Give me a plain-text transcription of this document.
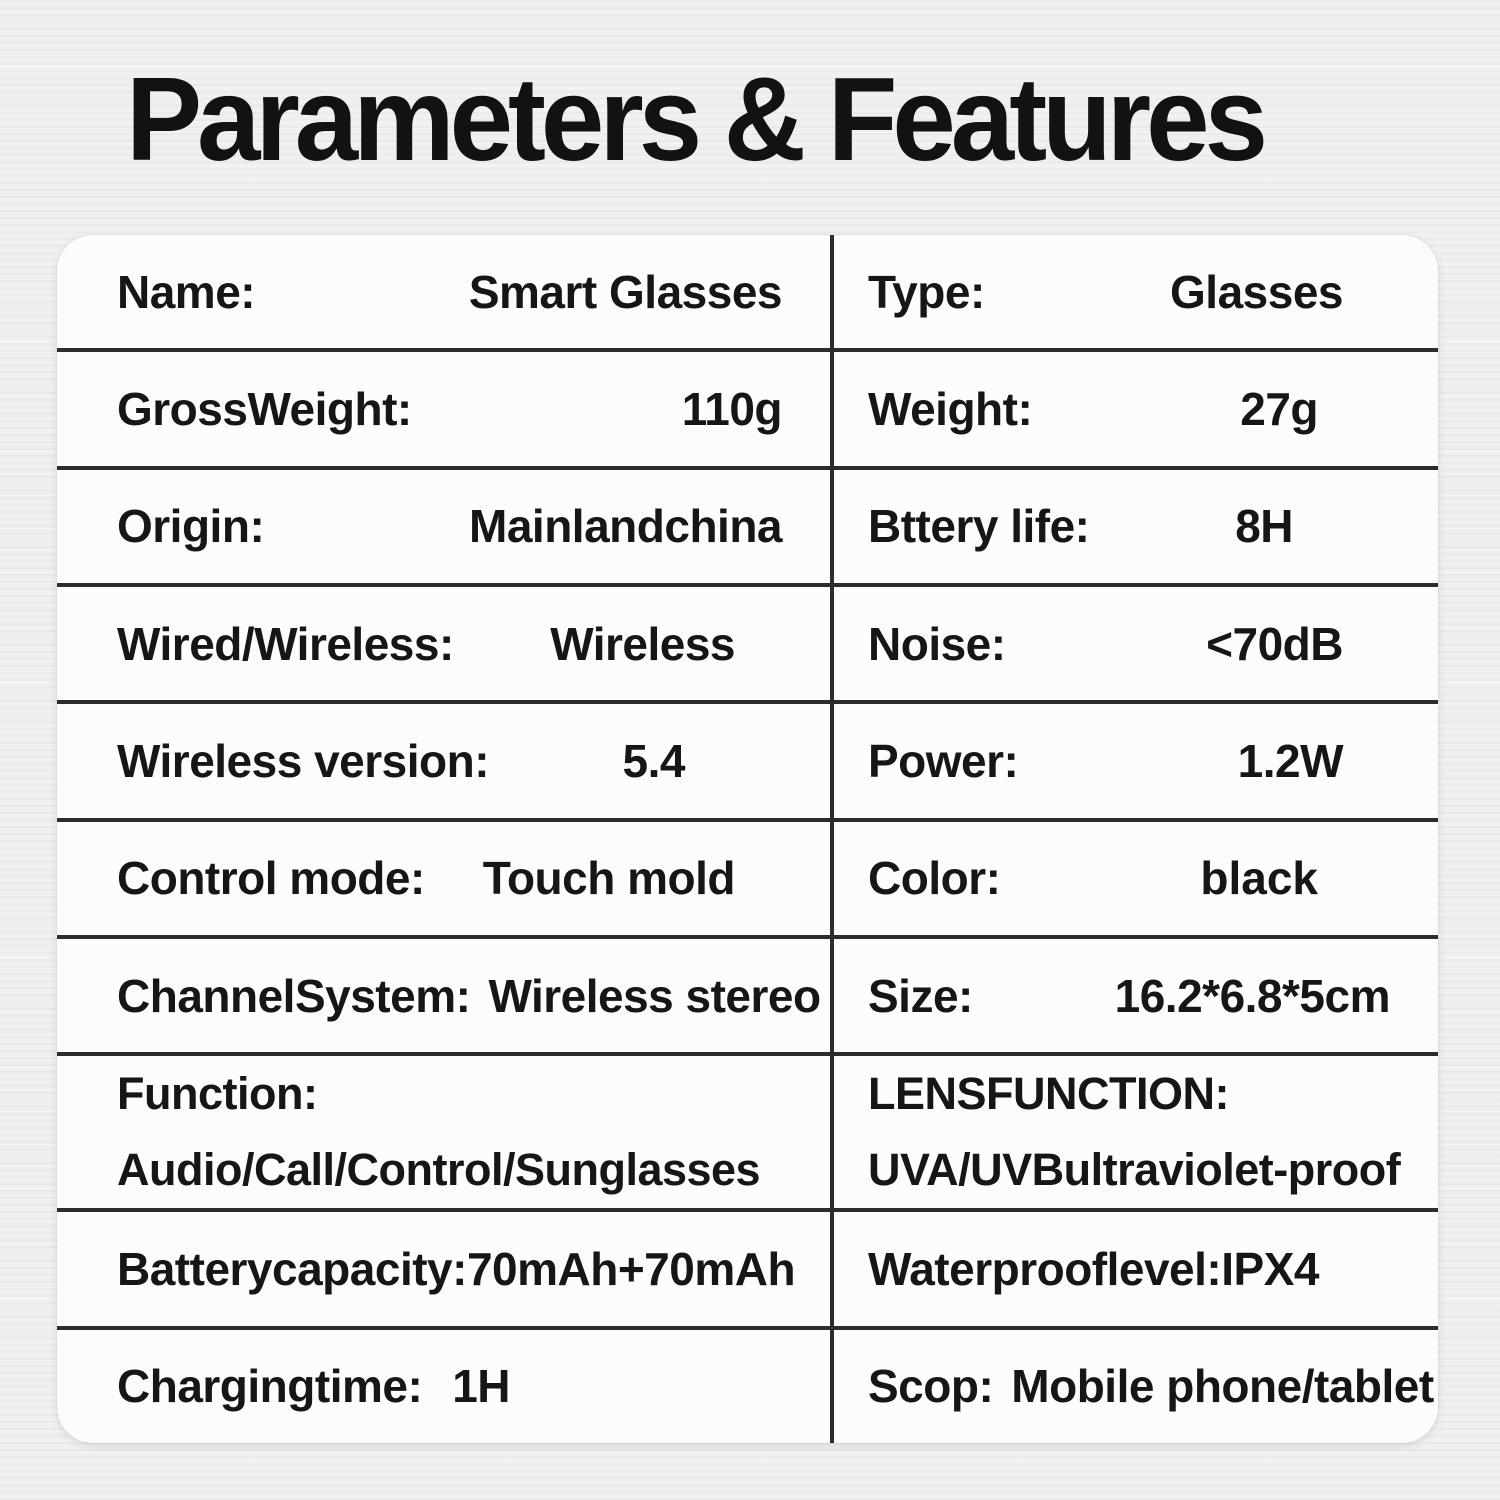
Parameters & Features
Name:	Smart Glasses Type:	Glasses
GrossWeight:	110g Weight:	27g
Origin:	Mainlandchina Bttery life:	8H
Wired/Wireless: Wireless	Noise:	<70dB
Wireless version:	5.4	Power:	1.2W
Control mode: Touch mold	Color:	black
ChannelSystem: Wireless stereo Size:	16.2*6.8*5cm
Function:
Audio/Call/Control/Sunglasses
LENSFUNCTION:
UVA/UVBultraviolet-proof
Batterycapacity: 70mAh+70mAh Waterprooflevel: IPX4
Chargingtime: 1H	Scop: Mobile phone/tablet
